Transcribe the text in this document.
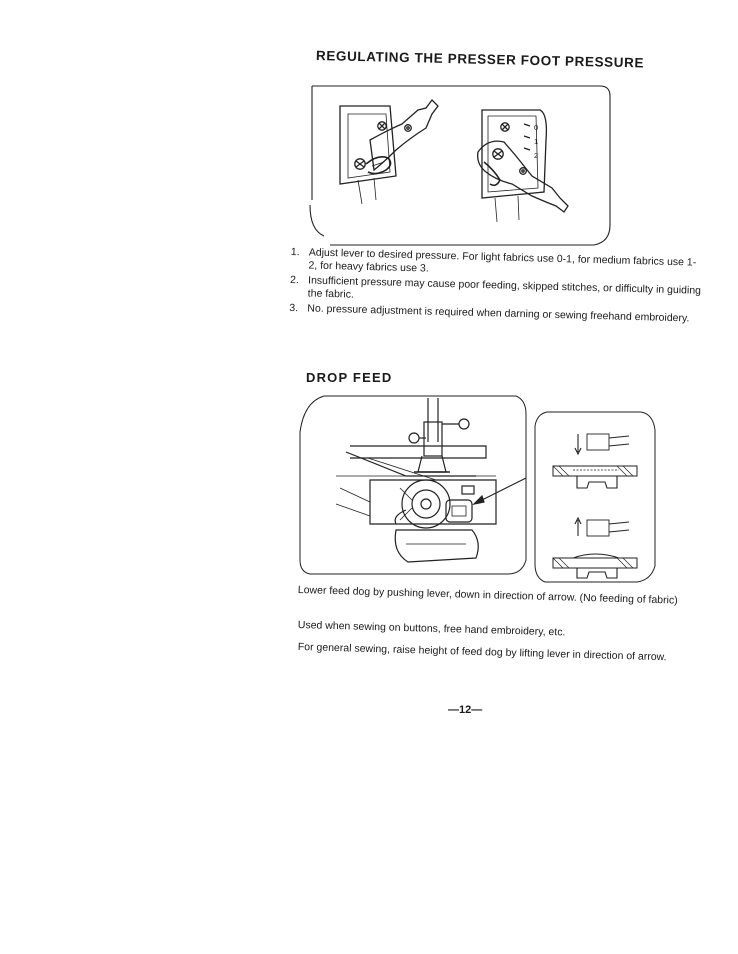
REGULATING THE PRESSER FOOT PRESSURE
0
1
2
1. Adjust lever to desired pressure. For light fabrics use 0-1, for medium fabrics use 1-2, for heavy fabrics use 3.
2. Insufficient pressure may cause poor feeding, skipped stitches, or difficulty in guiding the fabric.
3. No. pressure adjustment is required when darning or sewing freehand embroidery.
DROP FEED
Lower feed dog by pushing lever, down in direction of arrow. (No feeding of fabric)
Used when sewing on buttons, free hand embroidery, etc.
For general sewing, raise height of feed dog by lifting lever in direction of arrow.
—12—
